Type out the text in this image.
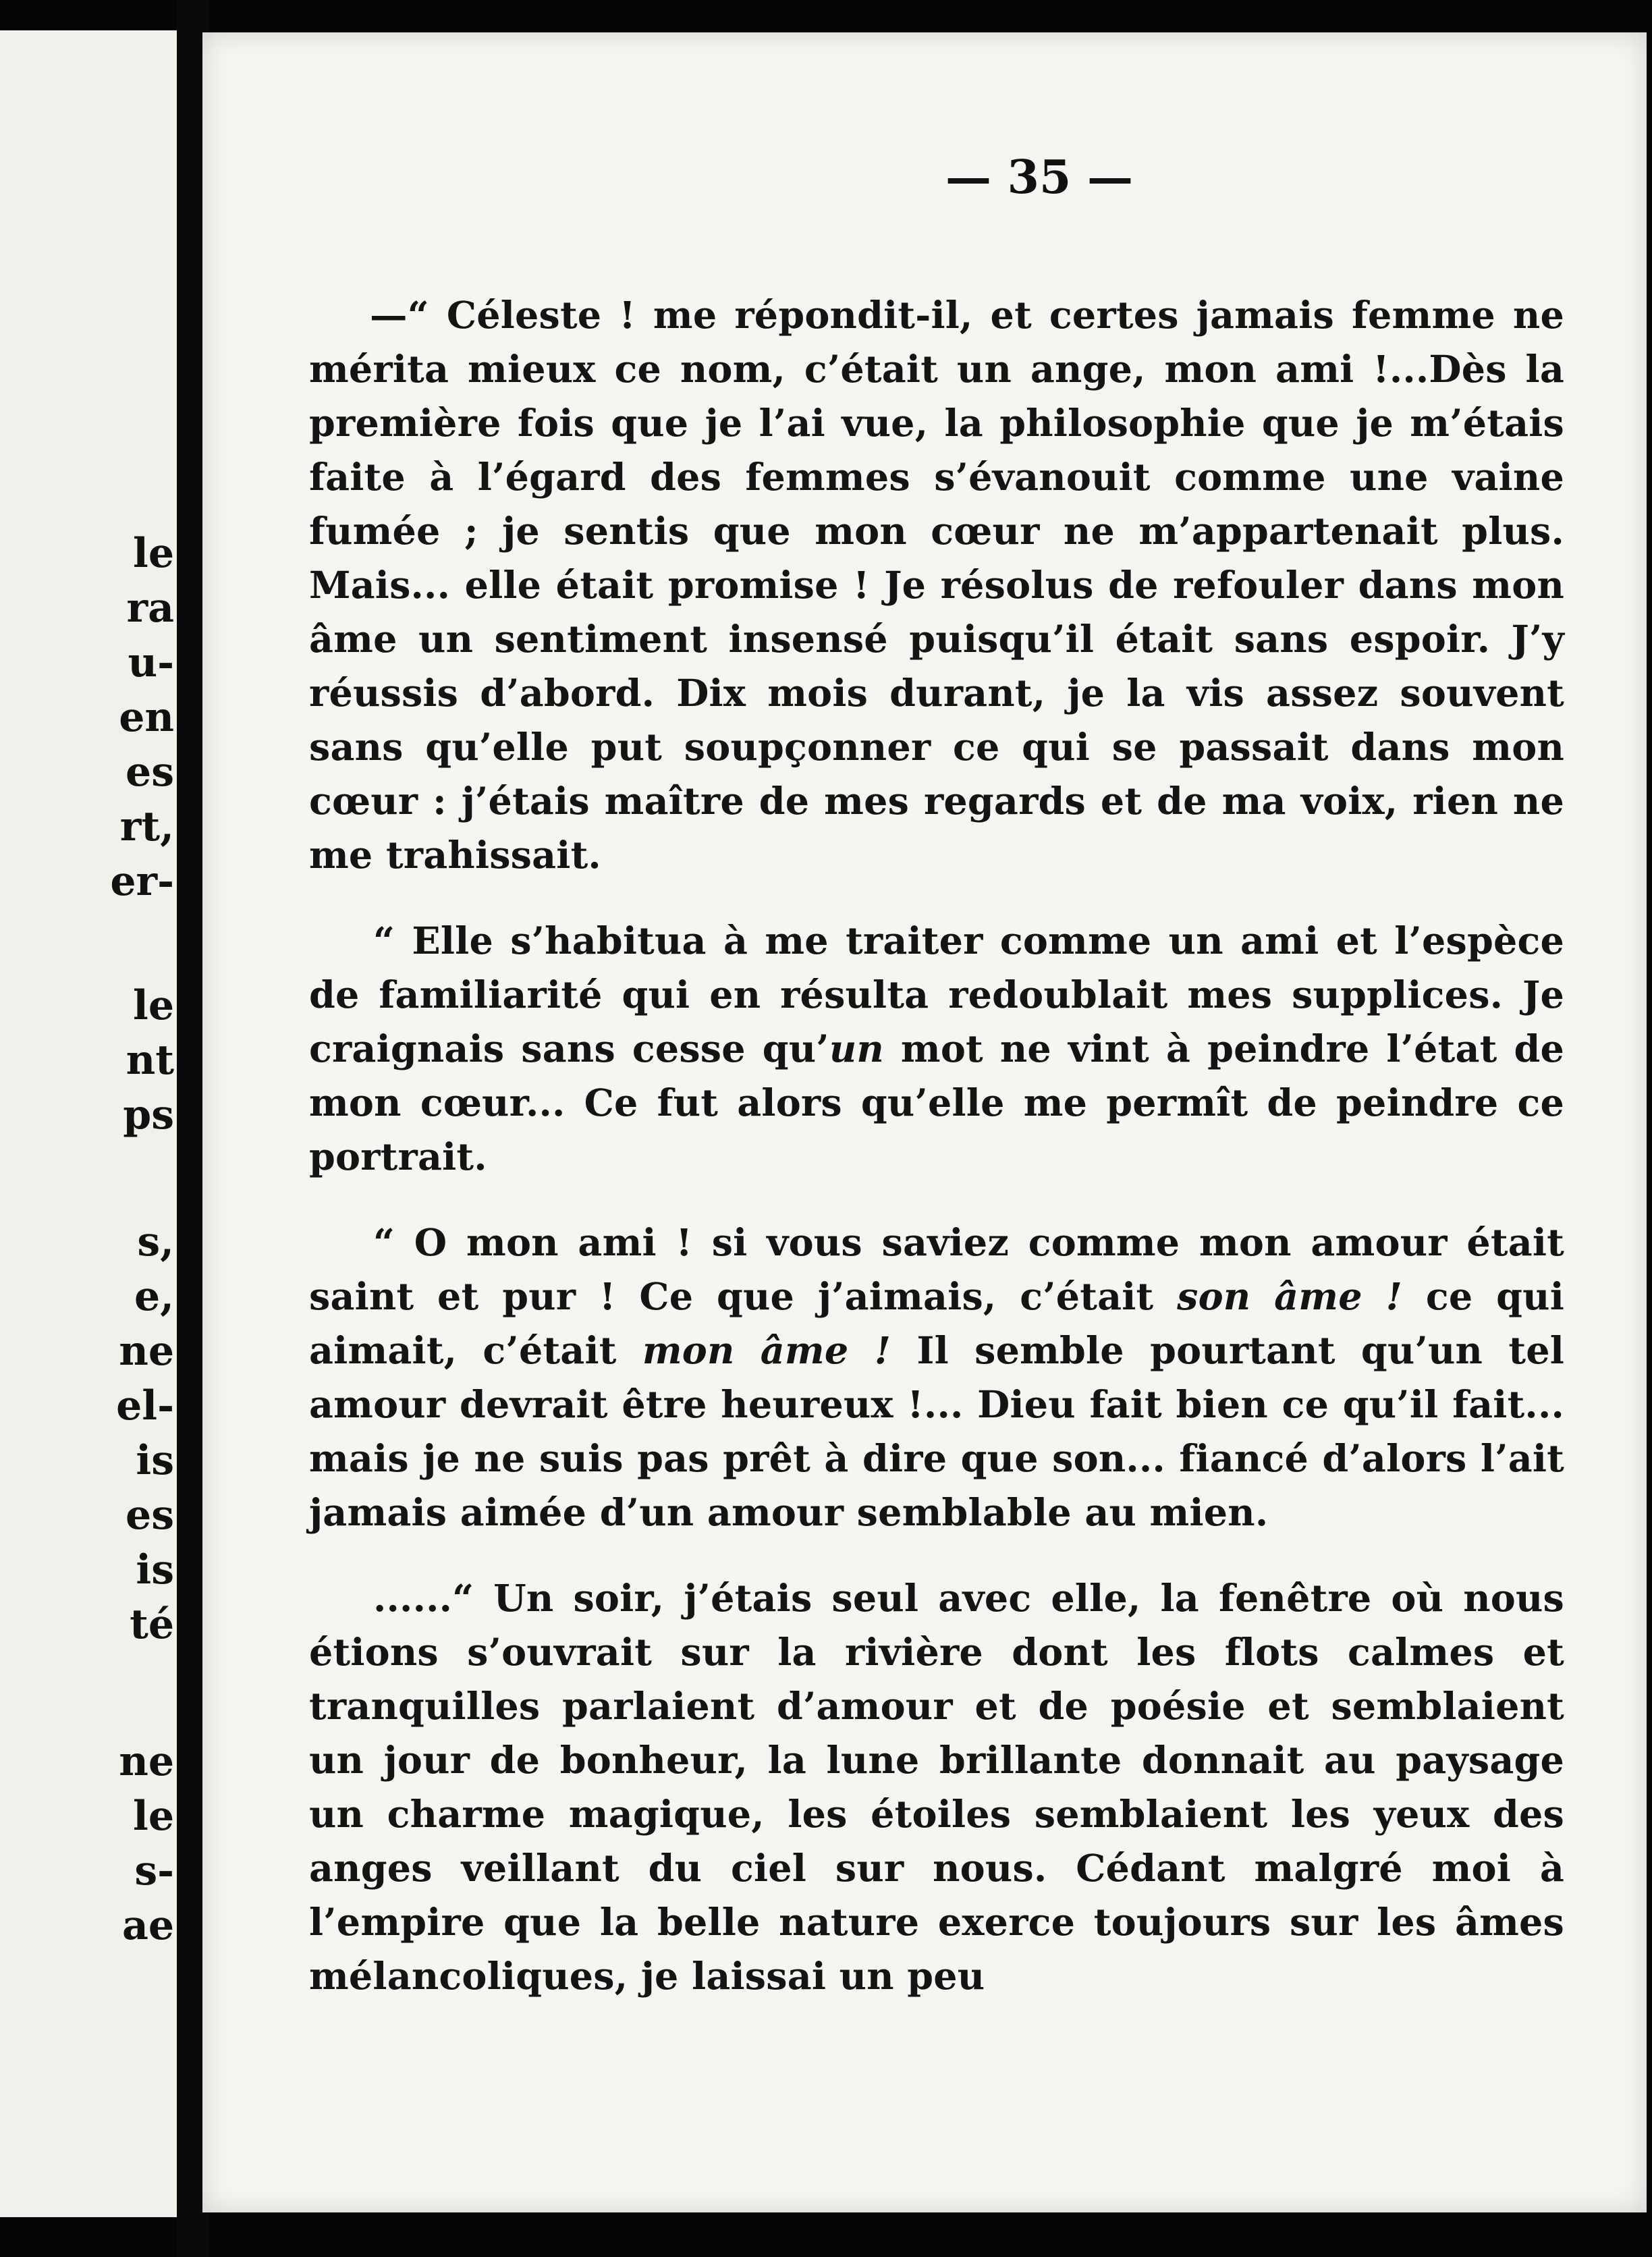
le
ra
u-
en
es
rt,
er-
le
nt
ps
s,
e,
ne
el-
is
es
is
té
ne
le
s-
ae
— 35 —

—“ Céleste ! me répondit-il, et certes jamais femme ne mérita mieux ce nom, c’était un ange, mon ami !...Dès la première fois que je l’ai vue, la philosophie que je m’étais faite à l’égard des femmes s’évanouit comme une vaine fumée ; je sentis que mon cœur ne m’appartenait plus. Mais... elle était promise ! Je résolus de refouler dans mon âme un sentiment insensé puisqu’il était sans espoir. J’y réussis d’abord. Dix mois durant, je la vis assez souvent sans qu’elle put soupçonner ce qui se passait dans mon cœur : j’étais maître de mes regards et de ma voix, rien ne me trahissait.

“ Elle s’habitua à me traiter comme un ami et l’espèce de familiarité qui en résulta redoublait mes supplices. Je craignais sans cesse qu’un mot ne vint à peindre l’état de mon cœur... Ce fut alors qu’elle me permît de peindre ce portrait.

“ O mon ami ! si vous saviez comme mon amour était saint et pur ! Ce que j’aimais, c’était son âme ! ce qui aimait, c’était mon âme ! Il semble pourtant qu’un tel amour devrait être heureux !... Dieu fait bien ce qu’il fait... mais je ne suis pas prêt à dire que son... fiancé d’alors l’ait jamais aimée d’un amour semblable au mien.

......“ Un soir, j’étais seul avec elle, la fenêtre où nous étions s’ouvrait sur la rivière dont les flots calmes et tranquilles parlaient d’amour et de poésie et semblaient un jour de bonheur, la lune brillante donnait au paysage un charme magique, les étoiles semblaient les yeux des anges veillant du ciel sur nous. Cédant malgré moi à l’empire que la belle nature exerce toujours sur les âmes mélancoliques, je laissai un peu
